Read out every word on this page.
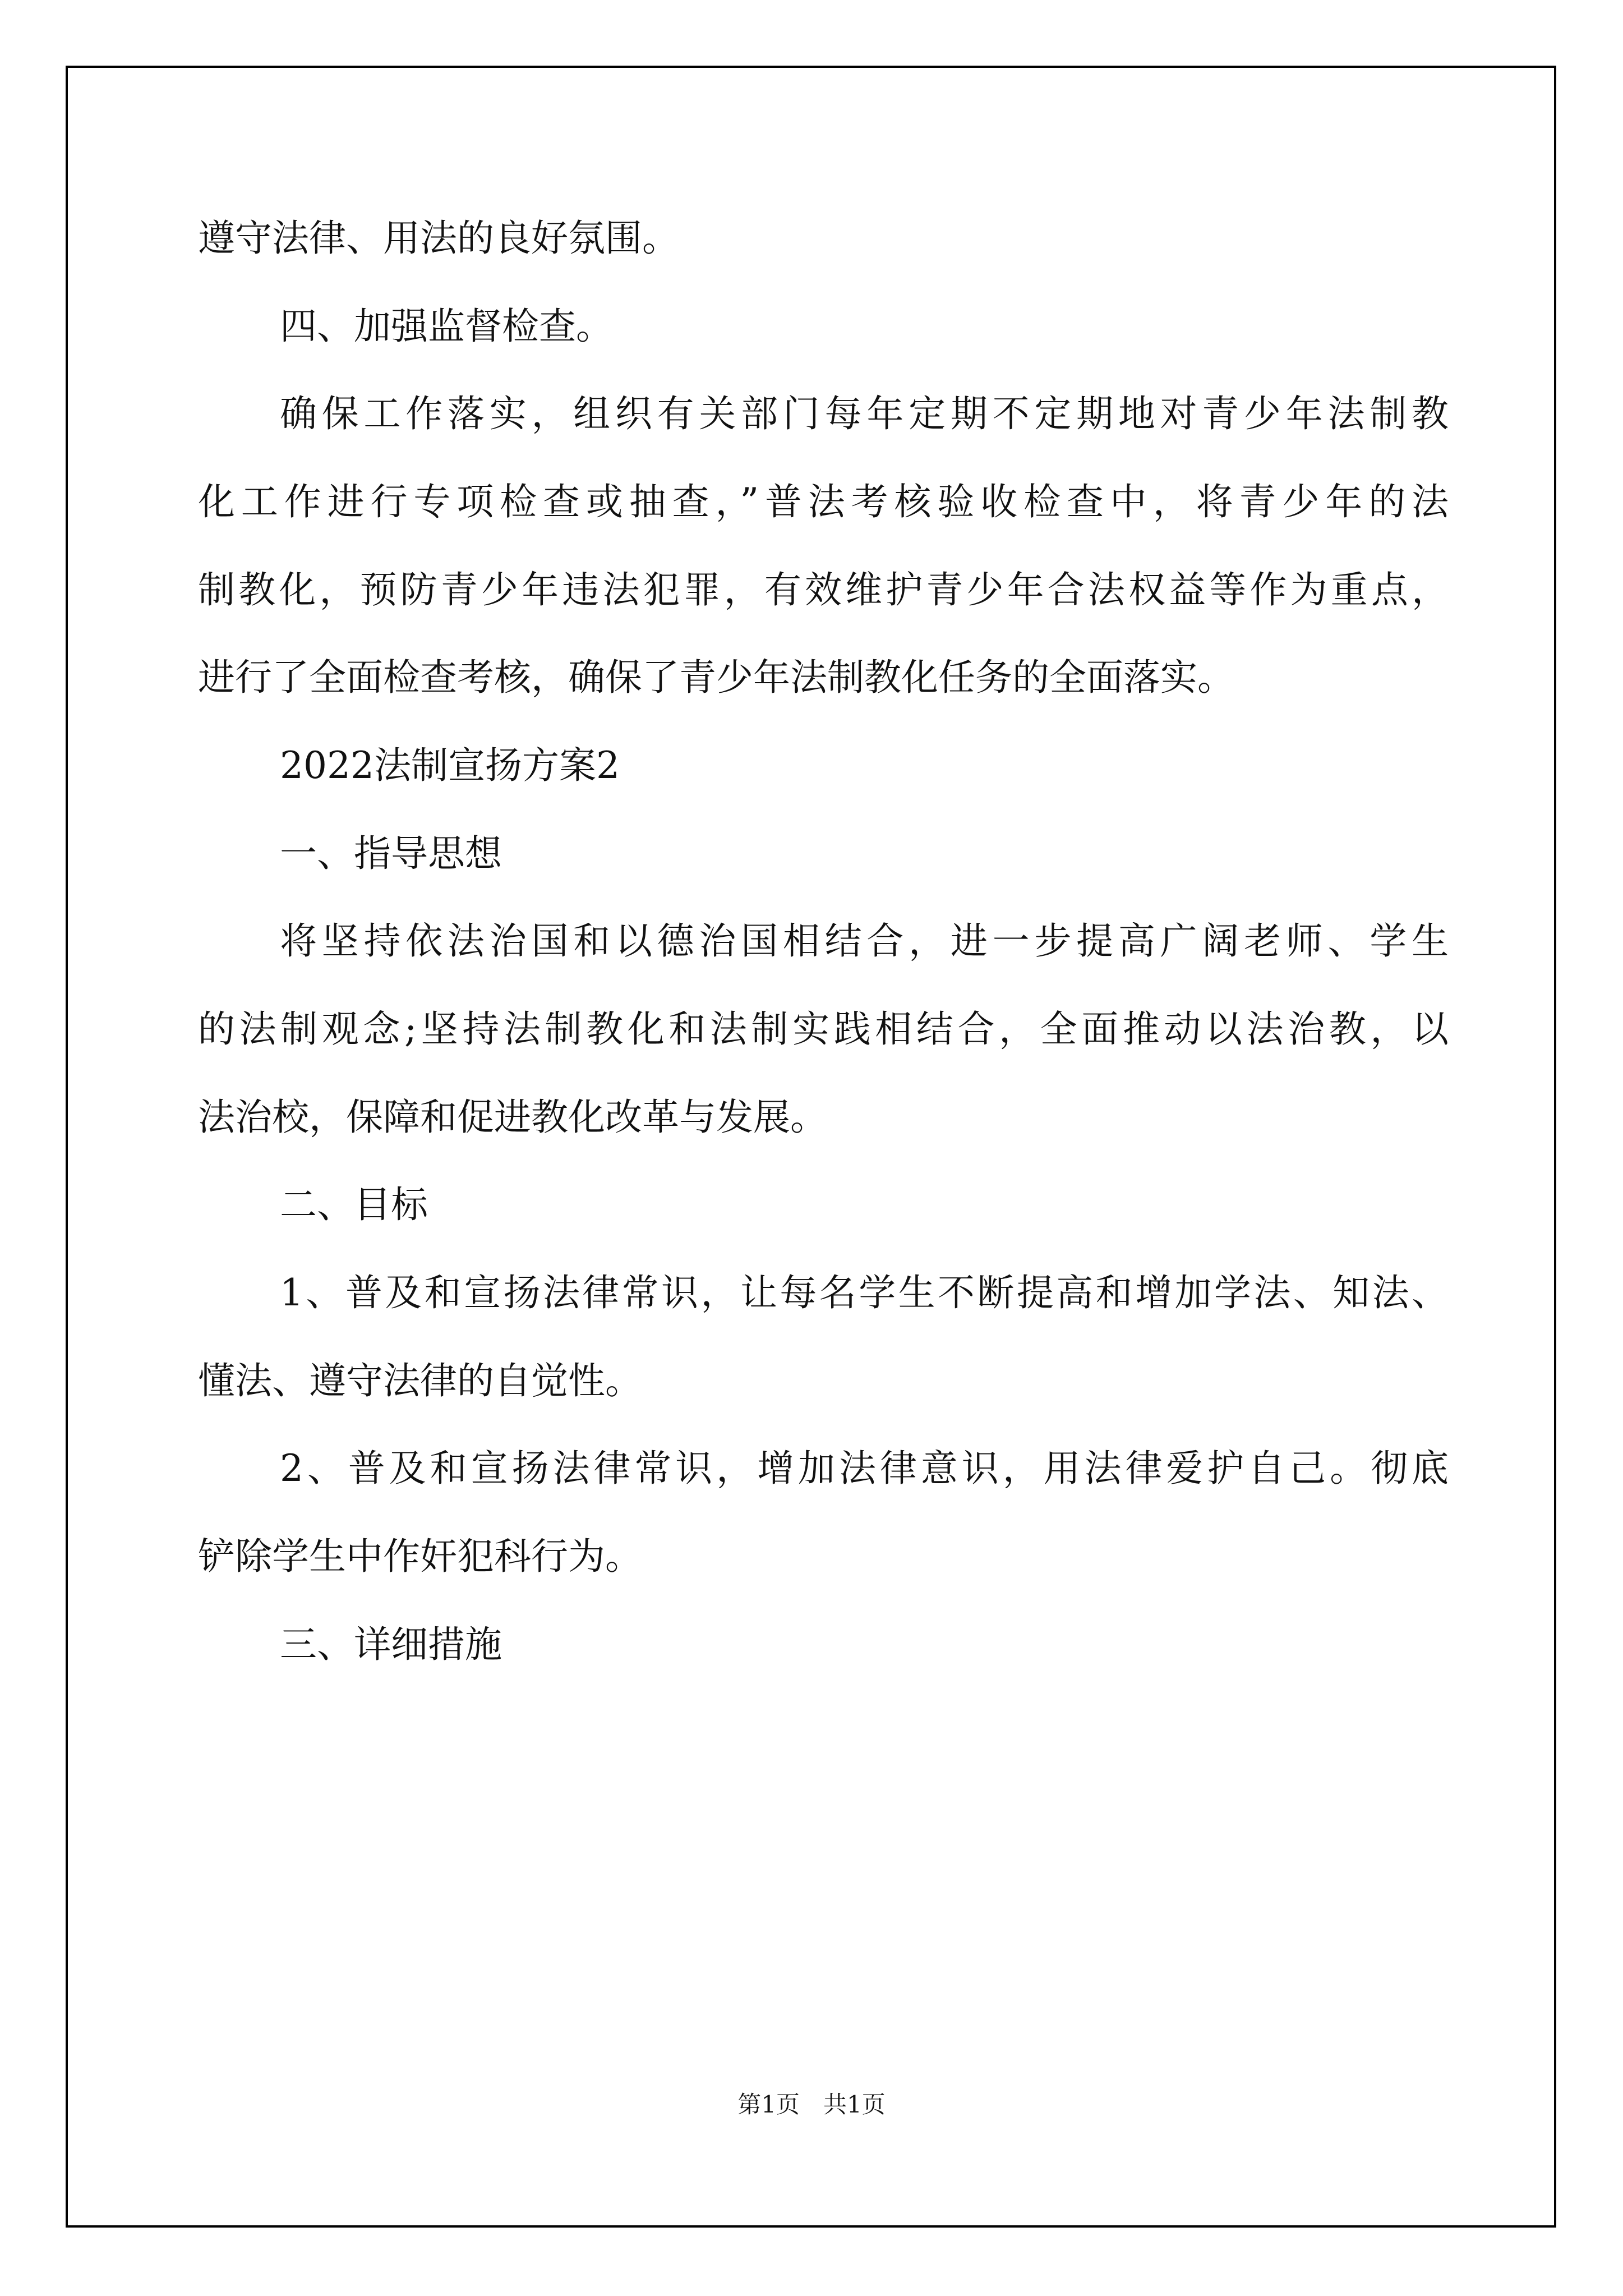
遵守法律、用法的良好氛围。
四、加强监督检查。
确保工作落实，组织有关部门每年定期不定期地对青少年法制教
化工作进行专项检查或抽查，”普法考核验收检查中，将青少年的法
制教化，预防青少年违法犯罪，有效维护青少年合法权益等作为重点，
进行了全面检查考核，确保了青少年法制教化任务的全面落实。
2022法制宣扬方案2
一、指导思想
将坚持依法治国和以德治国相结合，进一步提高广阔老师、学生
的法制观念;坚持法制教化和法制实践相结合，全面推动以法治教，以
法治校，保障和促进教化改革与发展。
二、目标
1、普及和宣扬法律常识，让每名学生不断提高和增加学法、知法、
懂法、遵守法律的自觉性。
2、普及和宣扬法律常识，增加法律意识，用法律爱护自己。彻底
铲除学生中作奸犯科行为。
三、详细措施
第1页　共1页
